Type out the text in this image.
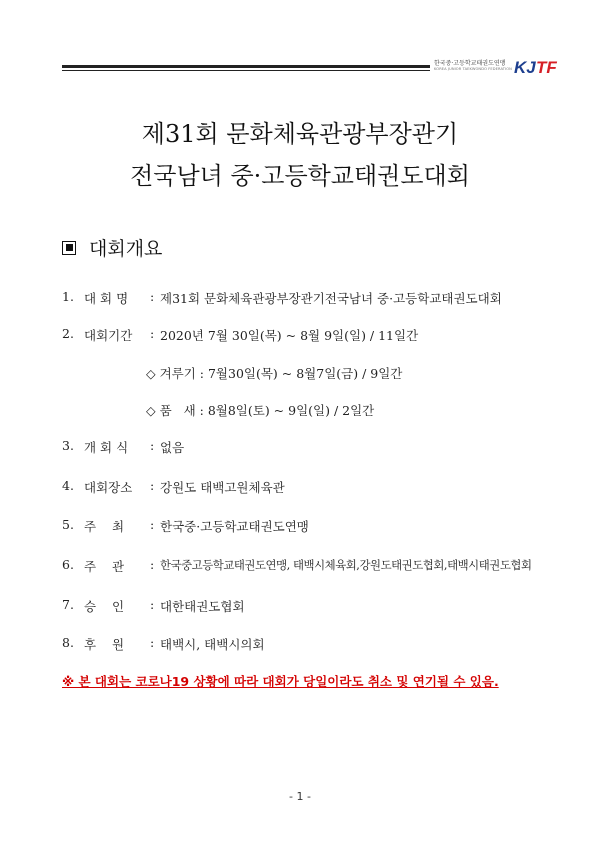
한국중·고등학교태권도연맹
KOREA JUNIOR TAEKWONDO FEDERATION KJ TF
제31회 문화체육관광부장관기
전국남녀 중·고등학교태권도대회
대회개요
1. 대 회 명	: 제31회 문화체육관광부장관기전국남녀 중·고등학교태권도대회
2. 대회기간	: 2020년 7월 30일(목) ~ 8월 9일(일) / 11일간
◇ 겨루기 : 7월30일(목) ~ 8월7일(금) / 9일간
◇ 품   새 : 8월8일(토) ~ 9일(일) / 2일간
3. 개 회 식	: 없음
4. 대회장소	: 강원도 태백고원체육관
5. 주    최	: 한국중·고등학교태권도연맹
6. 주    관	: 한국중고등학교태권도연맹, 태백시체육회,강원도태권도협회,태백시태권도협회
7. 승    인	: 대한태권도협회
8. 후    원	: 태백시, 태백시의회
※ 본 대회는 코로나19 상황에 따라 대회가 당일이라도 취소 및 연기될 수 있음.
- 1 -
